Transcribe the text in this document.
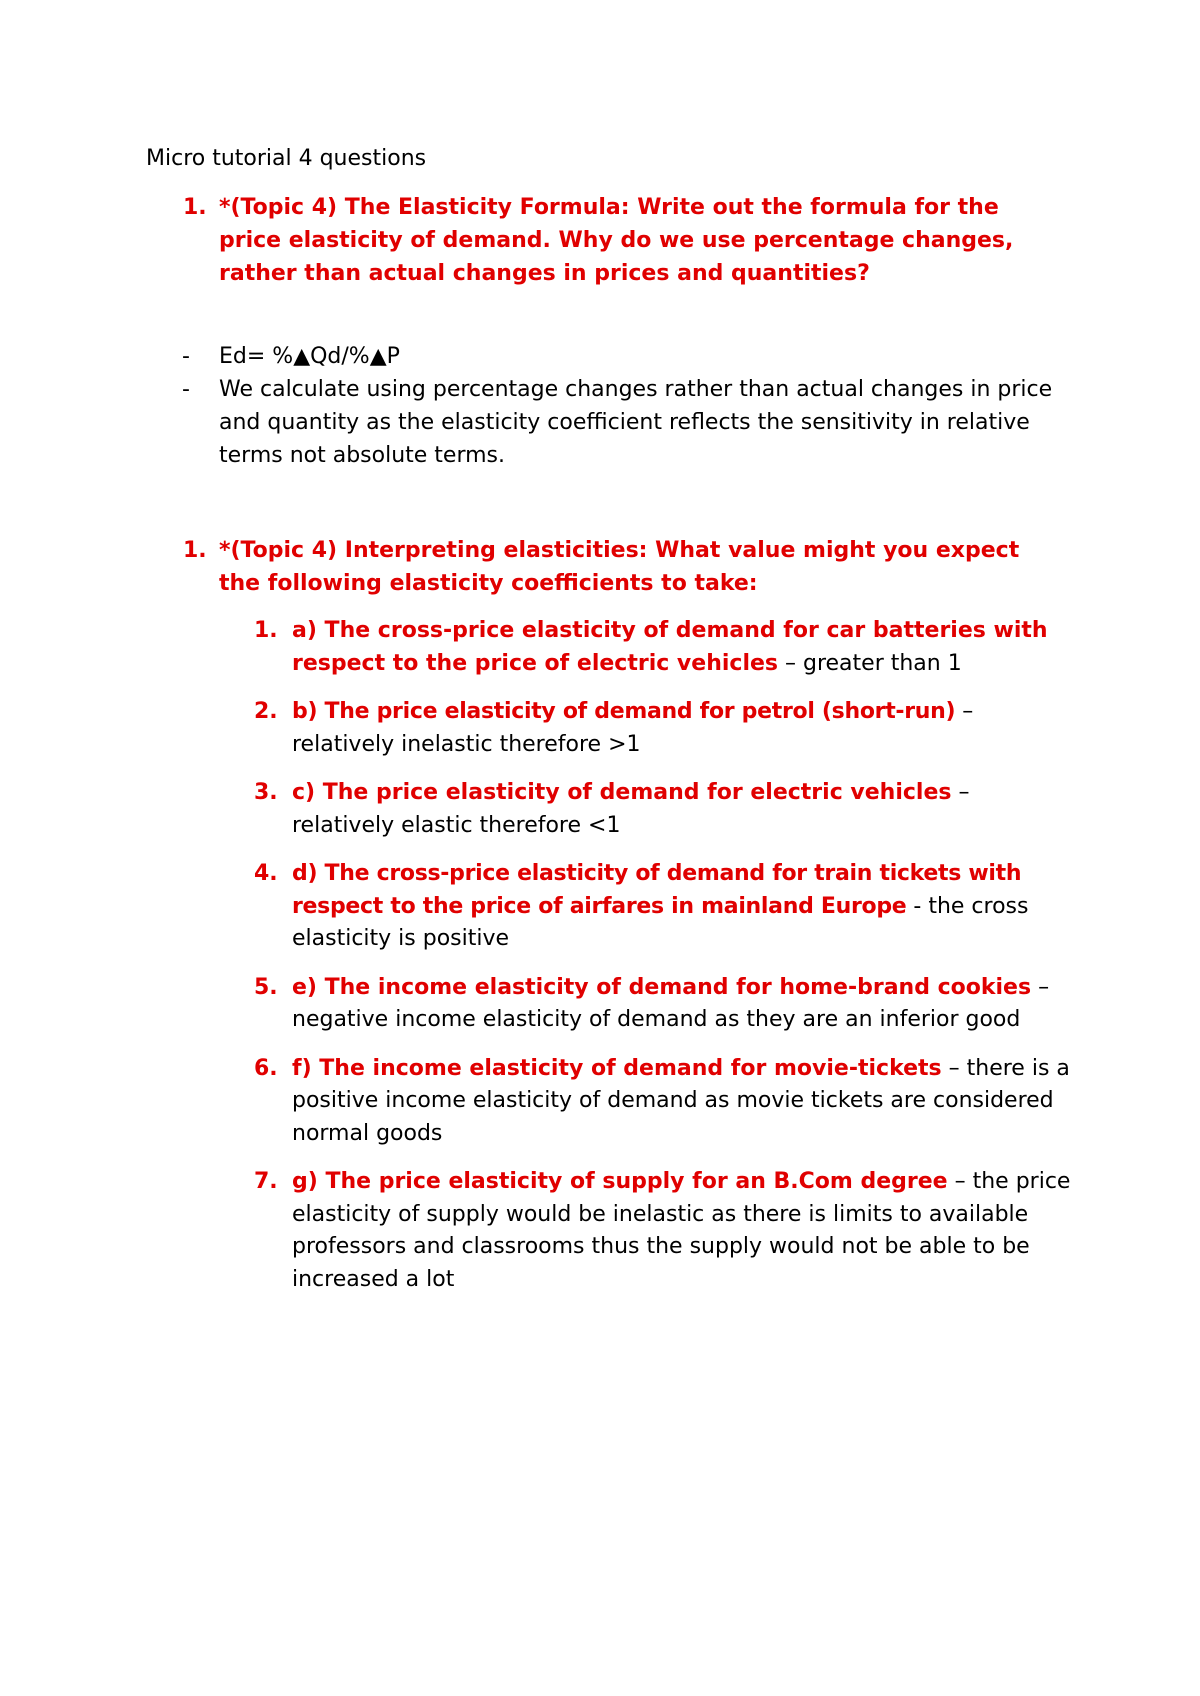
Micro tutorial 4 questions
1. *(Topic 4) The Elasticity Formula: Write out the formula for the price elasticity of demand. Why do we use percentage changes, rather than actual changes in prices and quantities?
- Ed= %▲Qd/%▲P
- We calculate using percentage changes rather than actual changes in price and quantity as the elasticity coefficient reflects the sensitivity in relative terms not absolute terms.
1. *(Topic 4) Interpreting elasticities: What value might you expect the following elasticity coefficients to take:
1. a) The cross-price elasticity of demand for car batteries with respect to the price of electric vehicles – greater than 1
2. b) The price elasticity of demand for petrol (short-run) – relatively inelastic therefore >1
3. c) The price elasticity of demand for electric vehicles – relatively elastic therefore <1
4. d) The cross-price elasticity of demand for train tickets with respect to the price of airfares in mainland Europe - the cross elasticity is positive
5. e) The income elasticity of demand for home-brand cookies – negative income elasticity of demand as they are an inferior good
6. f) The income elasticity of demand for movie-tickets – there is a positive income elasticity of demand as movie tickets are considered normal goods
7. g) The price elasticity of supply for an B.Com degree – the price elasticity of supply would be inelastic as there is limits to available professors and classrooms thus the supply would not be able to be increased a lot
